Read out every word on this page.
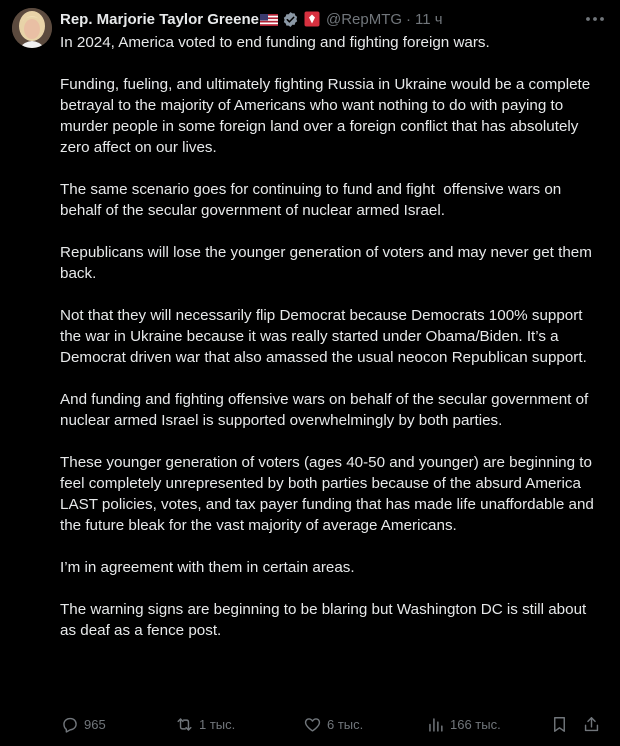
Rep. Marjorie Taylor Greene	@RepMTG · 11 ч

In 2024, America voted to end funding and fighting foreign wars.

Funding, fueling, and ultimately fighting Russia in Ukraine would be a complete betrayal to the majority of Americans who want nothing to do with paying to murder people in some foreign land over a foreign conflict that has absolutely zero affect on our lives.

The same scenario goes for continuing to fund and fight  offensive wars on behalf of the secular government of nuclear armed Israel.

Republicans will lose the younger generation of voters and may never get them back.

Not that they will necessarily flip Democrat because Democrats 100% support the war in Ukraine because it was really started under Obama/Biden. It’s a Democrat driven war that also amassed the usual neocon Republican support.

And funding and fighting offensive wars on behalf of the secular government of nuclear armed Israel is supported overwhelmingly by both parties.

These younger generation of voters (ages 40-50 and younger) are beginning to feel completely unrepresented by both parties because of the absurd America LAST policies, votes, and tax payer funding that has made life unaffordable and the future bleak for the vast majority of average Americans.

I’m in agreement with them in certain areas.

The warning signs are beginning to be blaring but Washington DC is still about as deaf as a fence post.

965	1 тыс.	6 тыс.	166 тыс.
